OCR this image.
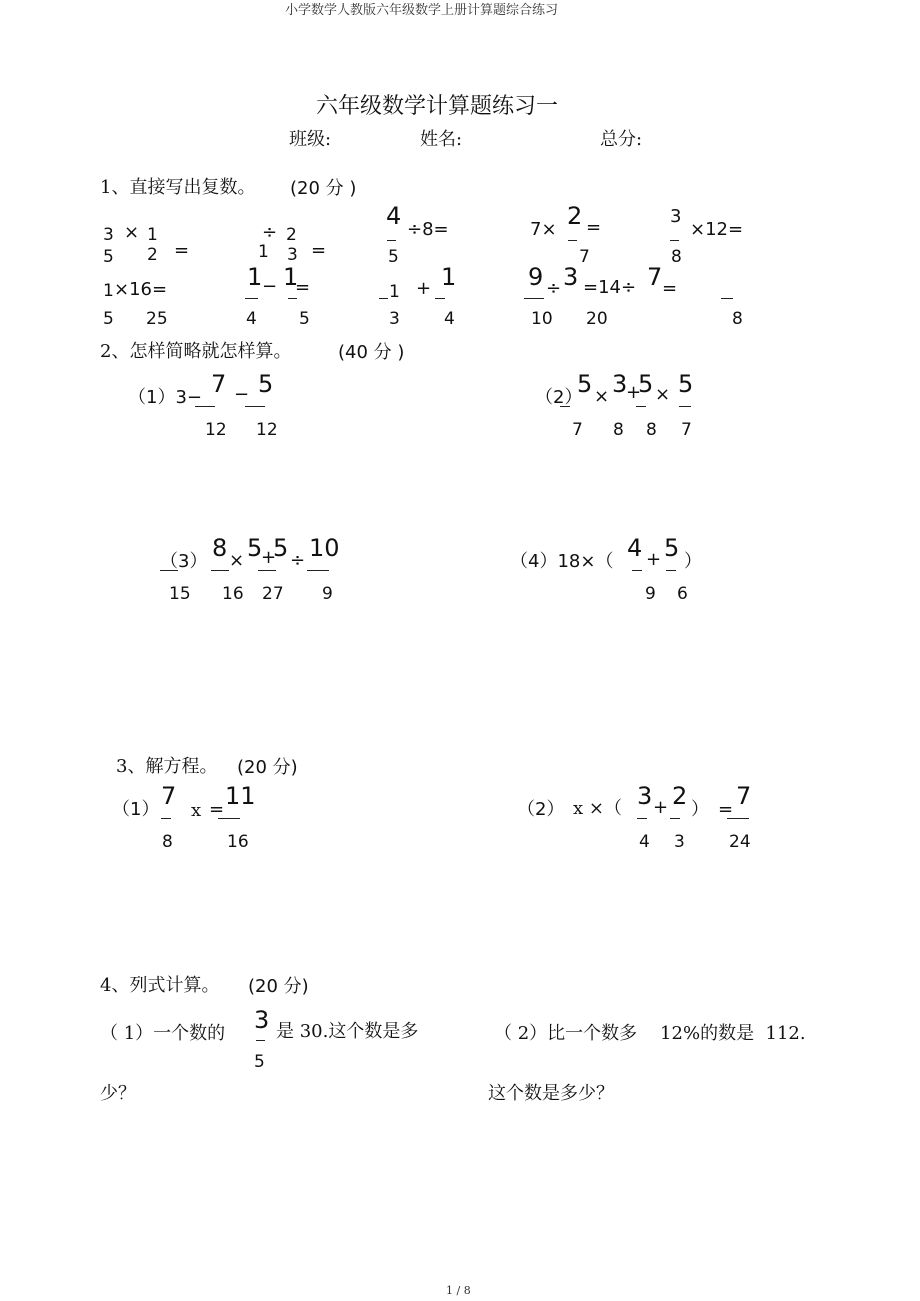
小学数学人教版六年级数学上册计算题综合练习
六年级数学计算题练习一
班级:	姓名:	总分:
1、直接写出复数。 (20 分 )
3 × 1
5 2 =
÷ 2
1 3 =
4
5
÷8=	7× 2 =
7
3
8
×12=
1 ×16=
5 25
1 − 1
=
4 5
1 + 1
3	4
9 ÷ 3 =14÷ 7 =
10 20	8
2、怎样简略就怎样算。	(40 分 )
（1）3− 7 − 5
12 12
（2）
5 × 3
+
5 × 5
7 8 8 7
（3） 8 × 5
+
5 ÷ 10
15 16 27 9
（4）18×（ 4 + 5 ）
9 6
3、解方程。 (20 分)
（1） 7
x = 11
8	16
（2） x ×（ 3 + 2 ） = 7
4 3	24
4、列式计算。 (20 分)
（ 1）一个数的 3
5
是 30.这个数是多
少？
（ 2）比一个数多    12%的数是  112.
这个数是多少？
1 / 8
